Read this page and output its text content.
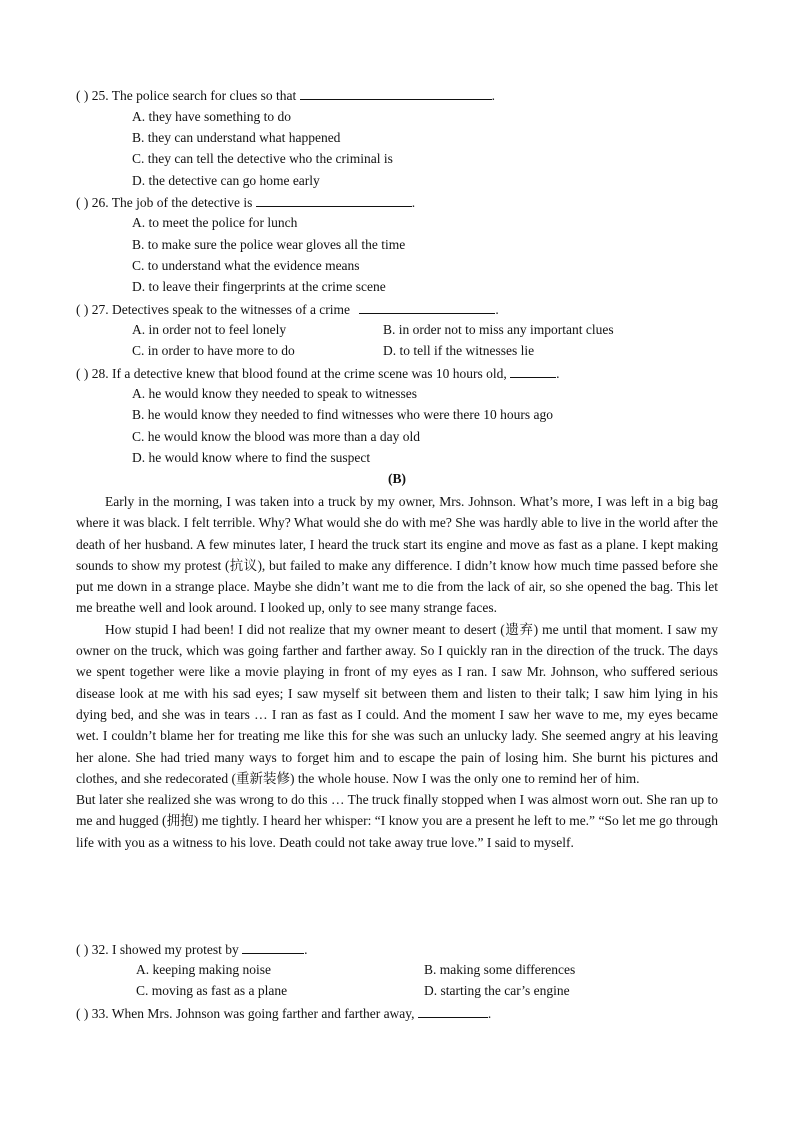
( ) 25. The police search for clues so that	.
A. they have something to do
B. they can understand what happened
C. they can tell the detective who the criminal is
D. the detective can go home early
( ) 26. The job of the detective is	.
A. to meet the police for lunch
B. to make sure the police wear gloves all the time
C. to understand what the evidence means
D. to leave their fingerprints at the crime scene
( ) 27. Detectives speak to the witnesses of a crime	.
A. in order not to feel lonely	B. in order not to miss any important clues
C. in order to have more to do	D. to tell if the witnesses lie
( ) 28. If a detective knew that blood found at the crime scene was 10 hours old,	.
A. he would know they needed to speak to witnesses
B. he would know they needed to find witnesses who were there 10 hours ago
C. he would know the blood was more than a day old
D. he would know where to find the suspect
(B)

Early in the morning, I was taken into a truck by my owner, Mrs. Johnson. What’s more, I was left in a big bag where it was black. I felt terrible. Why? What would she do with me? She was hardly able to live in the world after the death of her husband. A few minutes later, I heard the truck start its engine and move as fast as a plane. I kept making sounds to show my protest (抗议), but failed to make any difference. I didn’t know how much time passed before she put me down in a strange place. Maybe she didn’t want me to die from the lack of air, so she opened the bag. This let me breathe well and look around. I looked up, only to see many strange faces.

How stupid I had been! I did not realize that my owner meant to desert (遗弃) me until that moment. I saw my owner on the truck, which was going farther and farther away. So I quickly ran in the direction of the truck. The days we spent together were like a movie playing in front of my eyes as I ran. I saw Mr. Johnson, who suffered serious disease look at me with his sad eyes; I saw myself sit between them and listen to their talk; I saw him lying in his dying bed, and she was in tears … I ran as fast as I could. And the moment I saw her wave to me, my eyes became wet. I couldn’t blame her for treating me like this for she was such an unlucky lady. She seemed angry at his leaving her alone. She had tried many ways to forget him and to escape the pain of losing him. She burnt his pictures and clothes, and she redecorated (重新装修) the whole house. Now I was the only one to remind her of him.

But later she realized she was wrong to do this … The truck finally stopped when I was almost worn out. She ran up to me and hugged (拥抱) me tightly. I heard her whisper: “I know you are a present he left to me.” “So let me go through life with you as a witness to his love. Death could not take away true love.” I said to myself.

( ) 32. I showed my protest by	.
A. keeping making noise	B. making some differences
C. moving as fast as a plane	D. starting the car’s engine
( ) 33. When Mrs. Johnson was going farther and farther away,	.
